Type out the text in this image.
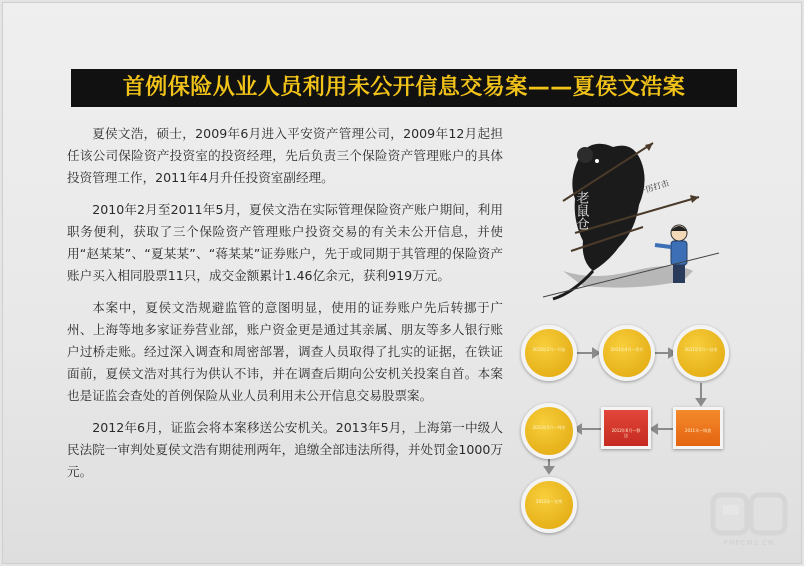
首例保险从业人员利用未公开信息交易案——夏侯文浩案

夏侯文浩，硕士，2009年6月进入平安资产管理公司，2009年12月起担任该公司保险资产投资室的投资经理，先后负责三个保险资产管理账户的具体投资管理工作，2011年4月升任投资室副经理。

2010年2月至2011年5月，夏侯文浩在实际管理保险资产账户期间，利用职务便利，获取了三个保险资产管理账户投资交易的有关未公开信息，并使用“赵某某”、“夏某某”、“蒋某某”证券账户，先于或同期于其管理的保险资产账户买入相同股票11只，成交金额累计1.46亿余元，获利919万元。

本案中，夏侯文浩规避监管的意图明显，使用的证券账户先后转挪于广州、上海等地多家证券营业部，账户资金更是通过其亲属、朋友等多人银行账户过桥走账。经过深入调查和周密部署，调查人员取得了扎实的证据，在铁证面前，夏侯文浩对其行为供认不讳，并在调查后期向公安机关投案自首。本案也是证监会查处的首例保险从业人员利用未公开信息交易股票案。

2012年6月，证监会将本案移送公安机关。2013年5月，上海第一中级人民法院一审判处夏侯文浩有期徒刑两年，追缴全部违法所得，并处罚金1000万元。

老鼠仓
严厉打击
2010年2月—开始	2011年4月—晋升	2011年5月—结束
2011年—调查
2012年6月—移送
2013年5月—判决
2013年—宣判
PHPCMS.CN
